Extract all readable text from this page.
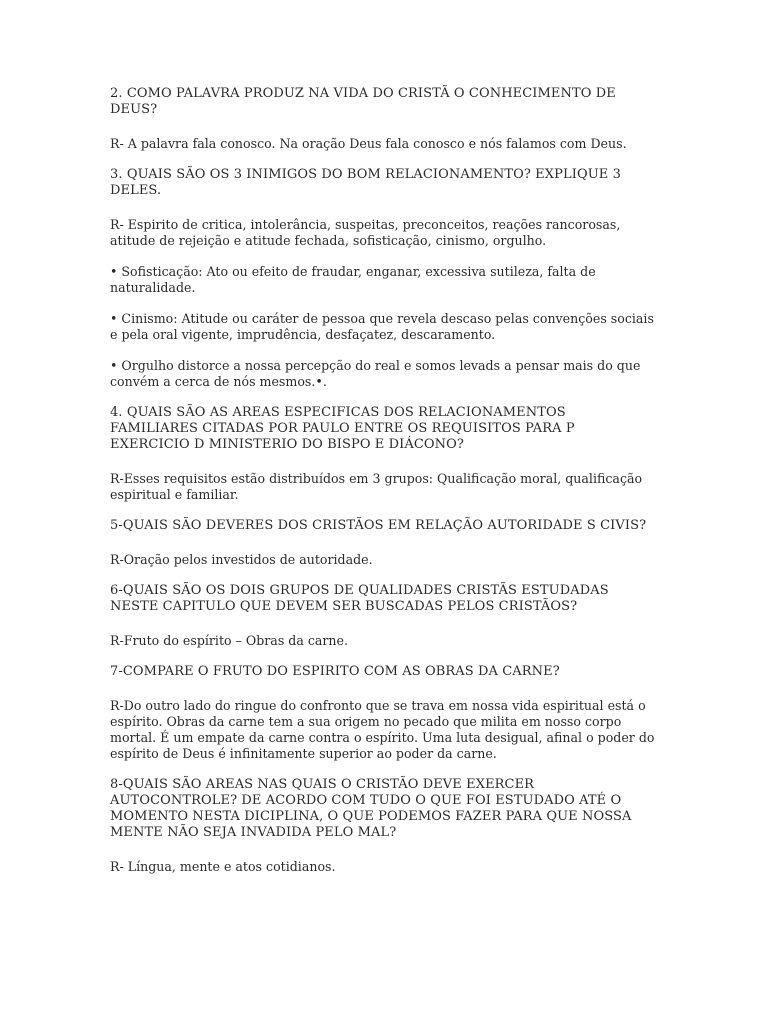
2. COMO PALAVRA PRODUZ NA VIDA DO CRISTÃ O CONHECIMENTO DE DEUS?
R- A palavra fala conosco. Na oração Deus fala conosco e nós falamos com Deus.
3. QUAIS SÃO OS 3 INIMIGOS DO BOM RELACIONAMENTO? EXPLIQUE 3 DELES.
R- Espirito de critica, intolerância, suspeitas, preconceitos, reações rancorosas, atitude de rejeição e atitude fechada, sofisticação, cinismo, orgulho.
• Sofisticação: Ato ou efeito de fraudar, enganar, excessiva sutileza, falta de naturalidade.
• Cinismo: Atitude ou caráter de pessoa que revela descaso pelas convenções sociais e pela oral vigente, imprudência, desfaçatez, descaramento.
• Orgulho distorce a nossa percepção do real e somos levads a pensar mais do que convém a cerca de nós mesmos.•.
4. QUAIS SÃO AS AREAS ESPECIFICAS DOS RELACIONAMENTOS FAMILIARES CITADAS POR PAULO ENTRE OS REQUISITOS PARA P EXERCICIO D MINISTERIO DO BISPO E DIÁCONO?
R-Esses requisitos estão distribuídos em 3 grupos: Qualificação moral, qualificação espiritual e familiar.
5-QUAIS SÃO DEVERES DOS CRISTÃOS EM RELAÇÃO AUTORIDADE S CIVIS?
R-Oração pelos investidos de autoridade.
6-QUAIS SÃO OS DOIS GRUPOS DE QUALIDADES CRISTÃS ESTUDADAS NESTE CAPITULO QUE DEVEM SER BUSCADAS PELOS CRISTÃOS?
R-Fruto do espírito – Obras da carne.
7-COMPARE O FRUTO DO ESPIRITO COM AS OBRAS DA CARNE?
R-Do outro lado do ringue do confronto que se trava em nossa vida espiritual está o espírito. Obras da carne tem a sua origem no pecado que milita em nosso corpo mortal. É um empate da carne contra o espírito. Uma luta desigual, afinal o poder do espírito de Deus é infinitamente superior ao poder da carne.
8-QUAIS SÃO AREAS NAS QUAIS O CRISTÃO DEVE EXERCER AUTOCONTROLE? DE ACORDO COM TUDO O QUE FOI ESTUDADO ATÉ O MOMENTO NESTA DICIPLINA, O QUE PODEMOS FAZER PARA QUE NOSSA MENTE NÃO SEJA INVADIDA PELO MAL?
R- Língua, mente e atos cotidianos.
